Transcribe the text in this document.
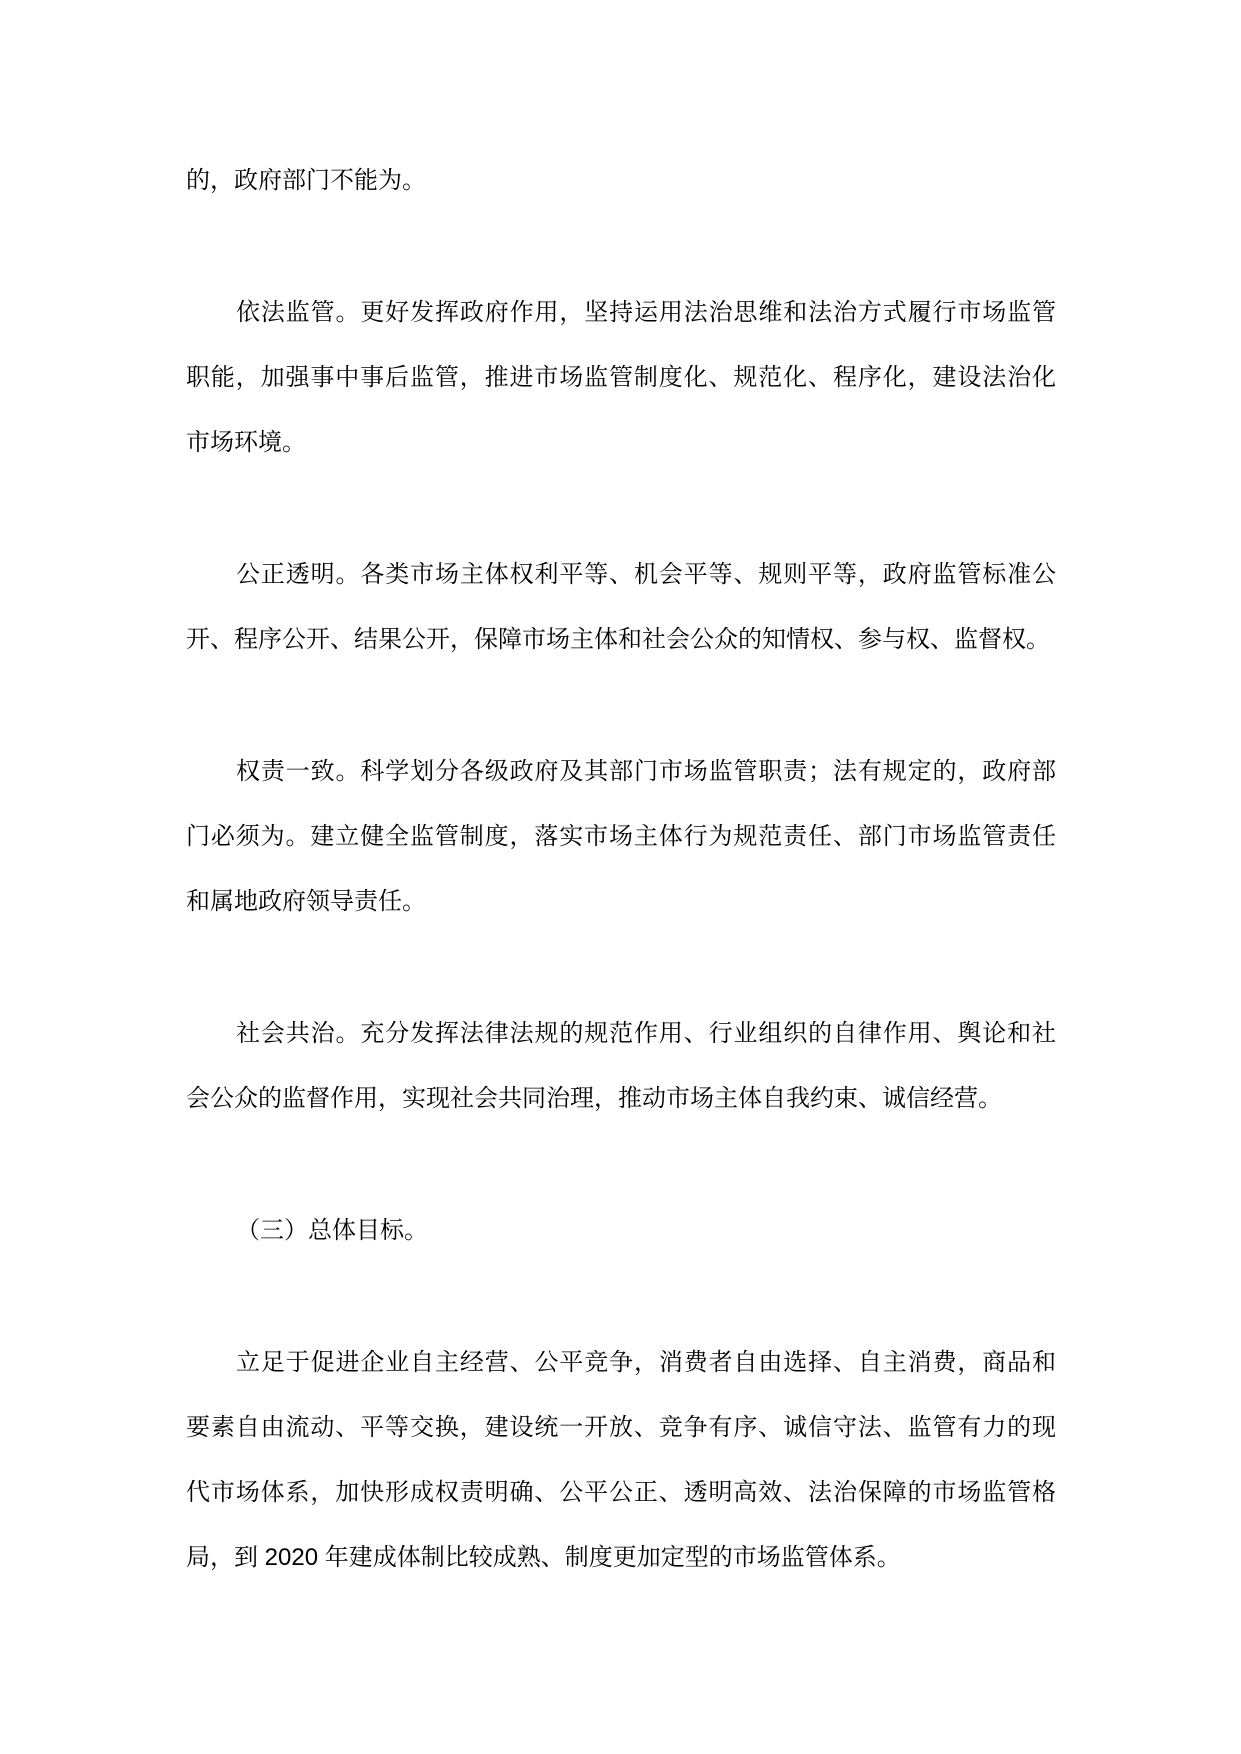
的，政府部门不能为。
依法监管。更好发挥政府作用，坚持运用法治思维和法治方式履行市场监管
职能，加强事中事后监管，推进市场监管制度化、规范化、程序化，建设法治化
市场环境。
公正透明。各类市场主体权利平等、机会平等、规则平等，政府监管标准公
开、程序公开、结果公开，保障市场主体和社会公众的知情权、参与权、监督权。
权责一致。科学划分各级政府及其部门市场监管职责；法有规定的，政府部
门必须为。建立健全监管制度，落实市场主体行为规范责任、部门市场监管责任
和属地政府领导责任。
社会共治。充分发挥法律法规的规范作用、行业组织的自律作用、舆论和社
会公众的监督作用，实现社会共同治理，推动市场主体自我约束、诚信经营。
（三）总体目标。
立足于促进企业自主经营、公平竞争，消费者自由选择、自主消费，商品和
要素自由流动、平等交换，建设统一开放、竞争有序、诚信守法、监管有力的现
代市场体系，加快形成权责明确、公平公正、透明高效、法治保障的市场监管格
局，到 2020 年建成体制比较成熟、制度更加定型的市场监管体系。
